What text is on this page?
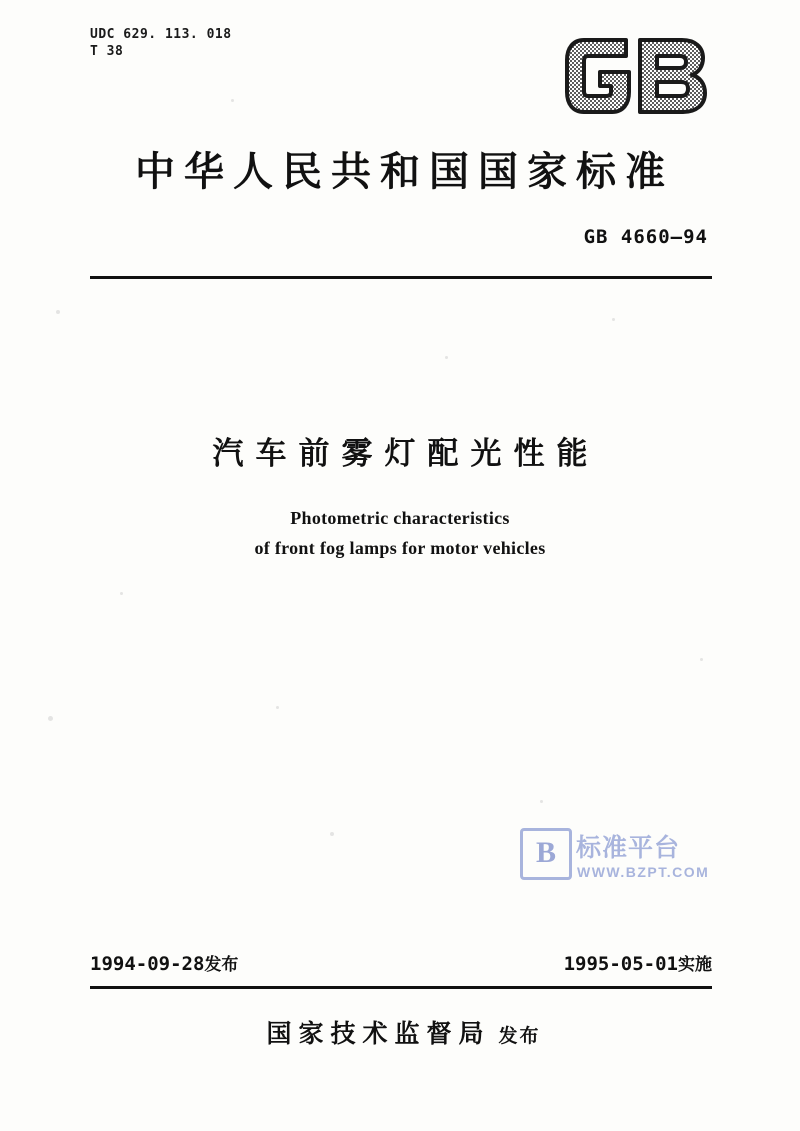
UDC 629. 113. 018
T 38
中华人民共和国国家标准
GB 4660—94
汽车前雾灯配光性能
Photometric characteristics
of front fog lamps for motor vehicles
B 标准平台
WWW.BZPT.COM
1994-09-28发布	1995-05-01实施
国家技术监督局 发布
